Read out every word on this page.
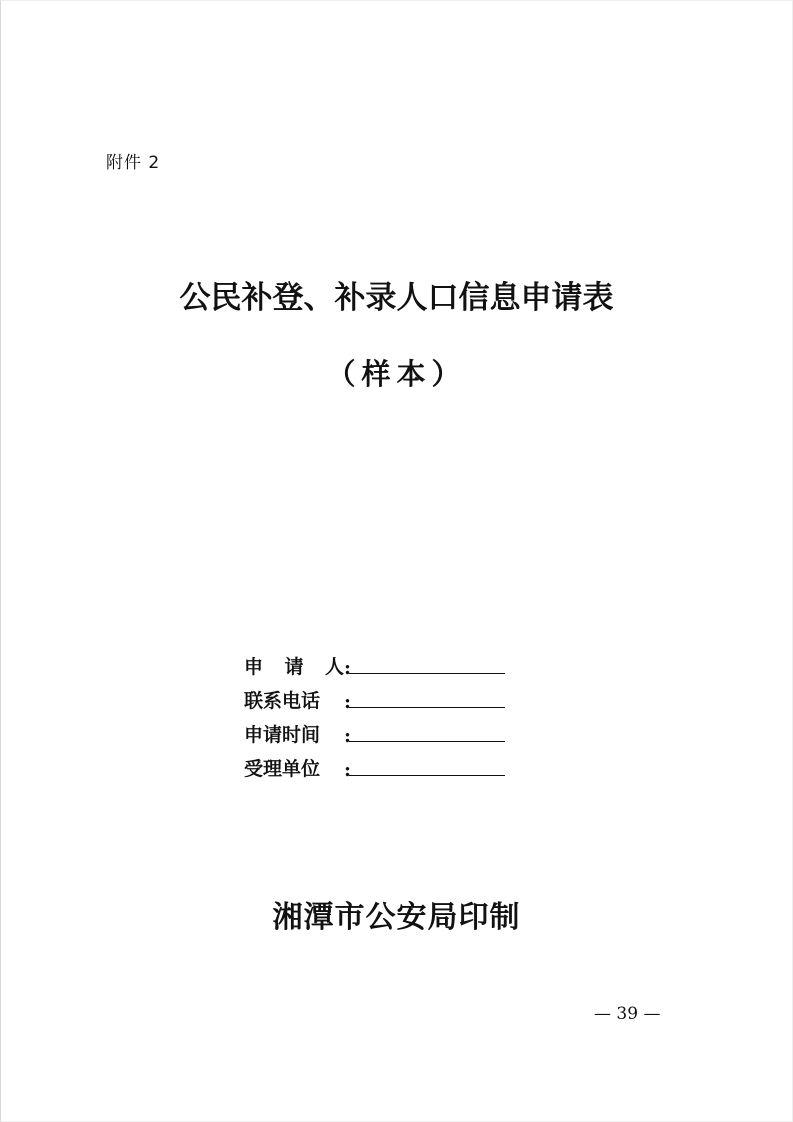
附件 2
公民补登、补录人口信息申请表
（样本）
申 请 人 :
联系电话	:
申请时间	:
受理单位	:
湘潭市公安局印制
— 39 —
